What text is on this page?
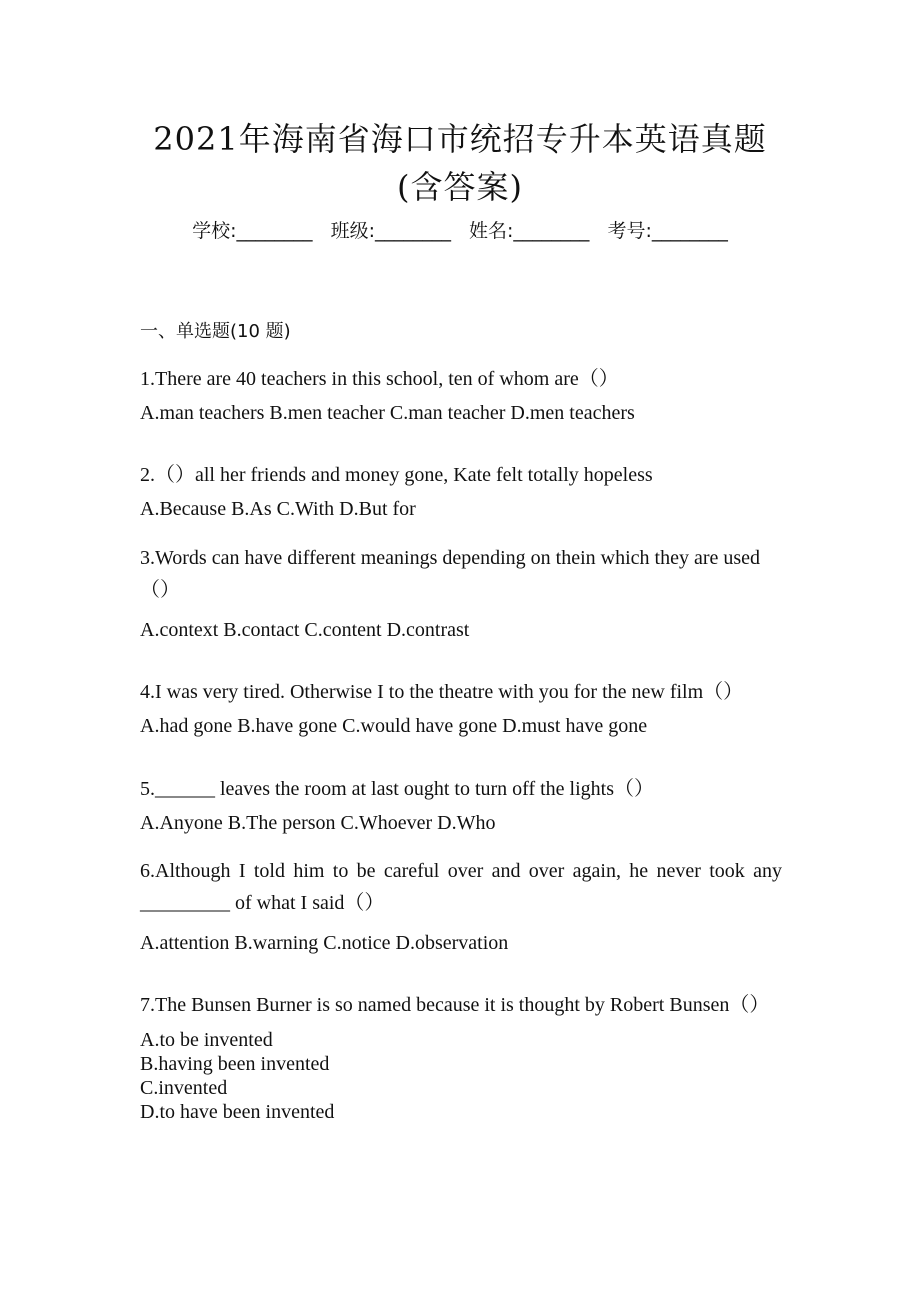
2021年海南省海口市统招专升本英语真题
(含答案)
学校:________ 班级:________ 姓名:________ 考号:________
一、单选题(10 题)
1.There are 40 teachers in this school, ten of whom are（）
A.man teachers B.men teacher C.man teacher D.men teachers
2.（）all her friends and money gone, Kate felt totally hopeless
A.Because B.As C.With D.But for
3.Words can have different meanings depending on thein which they are used（）
A.context B.contact C.content D.contrast
4.I was very tired. Otherwise I to the theatre with you for the new film（）
A.had gone B.have gone C.would have gone D.must have gone
5.______ leaves the room at last ought to turn off the lights（）
A.Anyone B.The person C.Whoever D.Who
6.Although I told him to be careful over and over again, he never took any _________ of what I said（）
A.attention B.warning C.notice D.observation
7.The Bunsen Burner is so named because it is thought by Robert Bunsen（）
A.to be invented
B.having been invented
C.invented
D.to have been invented
